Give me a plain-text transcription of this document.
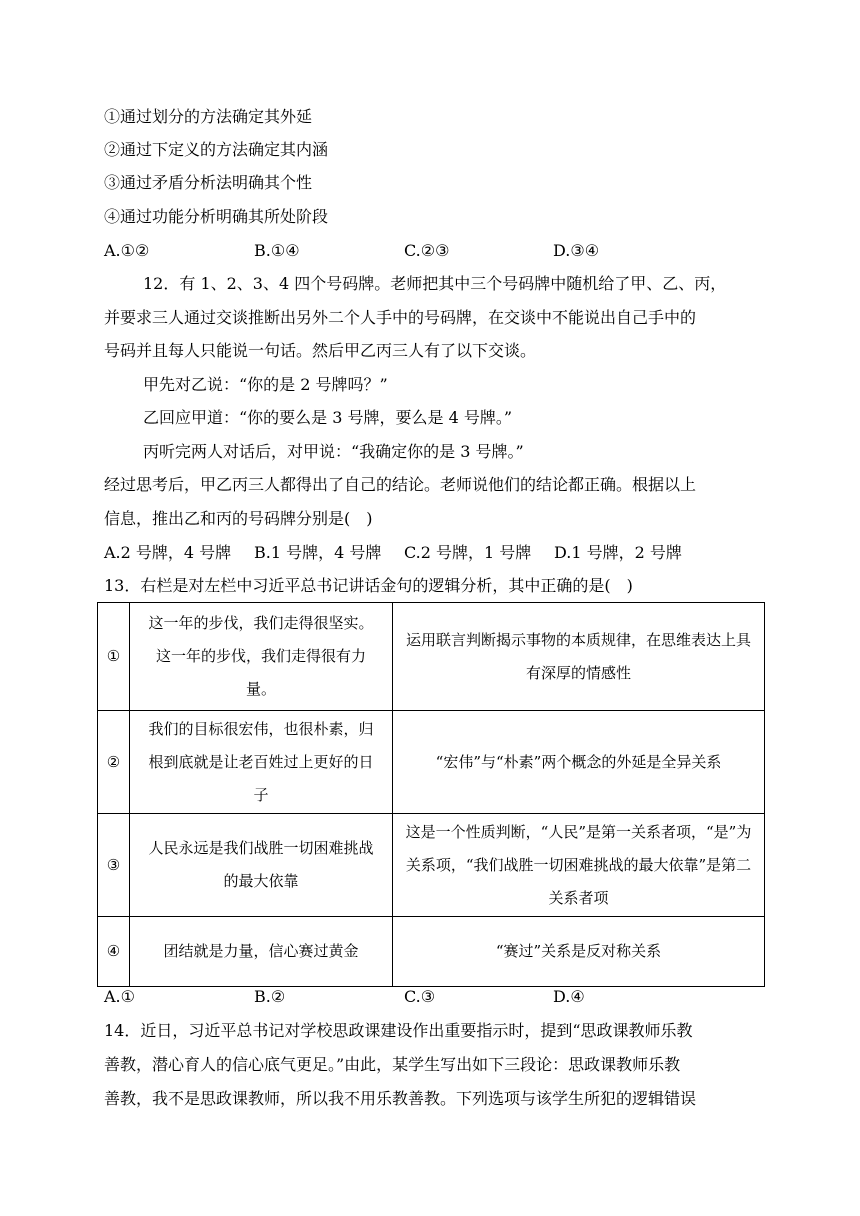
①通过划分的方法确定其外延
②通过下定义的方法确定其内涵
③通过矛盾分析法明确其个性
④通过功能分析明确其所处阶段
A.①②	B.①④	C.②③	D.③④
12．有 1、2、3、4 四个号码牌。老师把其中三个号码牌中随机给了甲、乙、丙，
并要求三人通过交谈推断出另外二个人手中的号码牌，在交谈中不能说出自己手中的
号码并且每人只能说一句话。然后甲乙丙三人有了以下交谈。
甲先对乙说：“你的是 2 号牌吗？”
乙回应甲道：“你的要么是 3 号牌，要么是 4 号牌。”
丙听完两人对话后，对甲说：“我确定你的是 3 号牌。”
经过思考后，甲乙丙三人都得出了自己的结论。老师说他们的结论都正确。根据以上
信息，推出乙和丙的号码牌分别是(　)
A.2 号牌，4 号牌 B.1 号牌，4 号牌 C.2 号牌，1 号牌 D.1 号牌，2 号牌
13．右栏是对左栏中习近平总书记讲话金句的逻辑分析，其中正确的是(　)
①	这一年的步伐，我们走得很坚实。这一年的步伐，我们走得很有力量。	运用联言判断揭示事物的本质规律，在思维表达上具有深厚的情感性
②	我们的目标很宏伟，也很朴素，归根到底就是让老百姓过上更好的日子	“宏伟”与“朴素”两个概念的外延是全异关系
③	人民永远是我们战胜一切困难挑战的最大依靠	这是一个性质判断，“人民”是第一关系者项，“是”为关系项，“我们战胜一切困难挑战的最大依靠”是第二关系者项
④	团结就是力量，信心赛过黄金	“赛过”关系是反对称关系
A.①	B.②	C.③	D.④
14．近日，习近平总书记对学校思政课建设作出重要指示时，提到“思政课教师乐教
善教，潜心育人的信心底气更足。”由此，某学生写出如下三段论：思政课教师乐教
善教，我不是思政课教师，所以我不用乐教善教。下列选项与该学生所犯的逻辑错误
